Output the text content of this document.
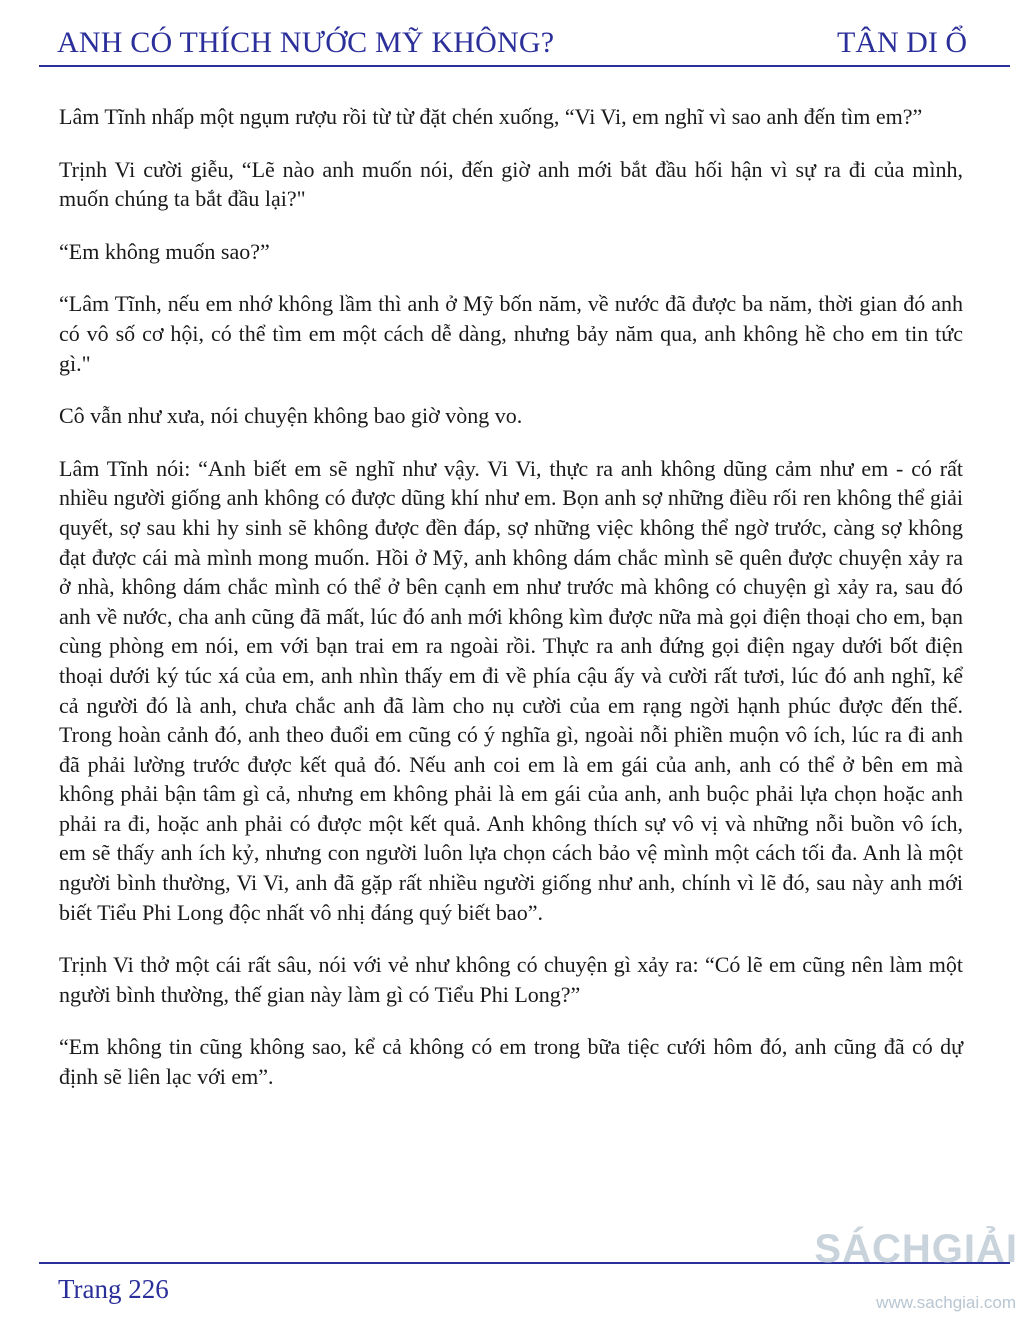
ANH CÓ THÍCH NƯỚC MỸ KHÔNG?	TÂN DI Ổ

Lâm Tĩnh nhấp một ngụm rượu rồi từ từ đặt chén xuống, “Vi Vi, em nghĩ vì sao anh đến tìm em?”

Trịnh Vi cười giễu, “Lẽ nào anh muốn nói, đến giờ anh mới bắt đầu hối hận vì sự ra đi của mình, muốn chúng ta bắt đầu lại?"

“Em không muốn sao?”

“Lâm Tĩnh, nếu em nhớ không lầm thì anh ở Mỹ bốn năm, về nước đã được ba năm, thời gian đó anh có vô số cơ hội, có thể tìm em một cách dễ dàng, nhưng bảy năm qua, anh không hề cho em tin tức gì."

Cô vẫn như xưa, nói chuyện không bao giờ vòng vo.

Lâm Tĩnh nói: “Anh biết em sẽ nghĩ như vậy. Vi Vi, thực ra anh không dũng cảm như em - có rất nhiều người giống anh không có được dũng khí như em. Bọn anh sợ những điều rối ren không thể giải quyết, sợ sau khi hy sinh sẽ không được đền đáp, sợ những việc không thể ngờ trước, càng sợ không đạt được cái mà mình mong muốn. Hồi ở Mỹ, anh không dám chắc mình sẽ quên được chuyện xảy ra ở nhà, không dám chắc mình có thể ở bên cạnh em như trước mà không có chuyện gì xảy ra, sau đó anh về nước, cha anh cũng đã mất, lúc đó anh mới không kìm được nữa mà gọi điện thoại cho em, bạn cùng phòng em nói, em với bạn trai em ra ngoài rồi. Thực ra anh đứng gọi điện ngay dưới bốt điện thoại dưới ký túc xá của em, anh nhìn thấy em đi về phía cậu ấy và cười rất tươi, lúc đó anh nghĩ, kể cả người đó là anh, chưa chắc anh đã làm cho nụ cười của em rạng ngời hạnh phúc được đến thế. Trong hoàn cảnh đó, anh theo đuổi em cũng có ý nghĩa gì, ngoài nỗi phiền muộn vô ích, lúc ra đi anh đã phải lường trước được kết quả đó. Nếu anh coi em là em gái của anh, anh có thể ở bên em mà không phải bận tâm gì cả, nhưng em không phải là em gái của anh, anh buộc phải lựa chọn hoặc anh phải ra đi, hoặc anh phải có được một kết quả. Anh không thích sự vô vị và những nỗi buồn vô ích, em sẽ thấy anh ích kỷ, nhưng con người luôn lựa chọn cách bảo vệ mình một cách tối đa. Anh là một người bình thường, Vi Vi, anh đã gặp rất nhiều người giống như anh, chính vì lẽ đó, sau này anh mới biết Tiểu Phi Long độc nhất vô nhị đáng quý biết bao”.

Trịnh Vi thở một cái rất sâu, nói với vẻ như không có chuyện gì xảy ra: “Có lẽ em cũng nên làm một người bình thường, thế gian này làm gì có Tiểu Phi Long?”

“Em không tin cũng không sao, kể cả không có em trong bữa tiệc cưới hôm đó, anh cũng đã có dự định sẽ liên lạc với em”.

Trang 226
SÁCHGIẢI
www.sachgiai.com
